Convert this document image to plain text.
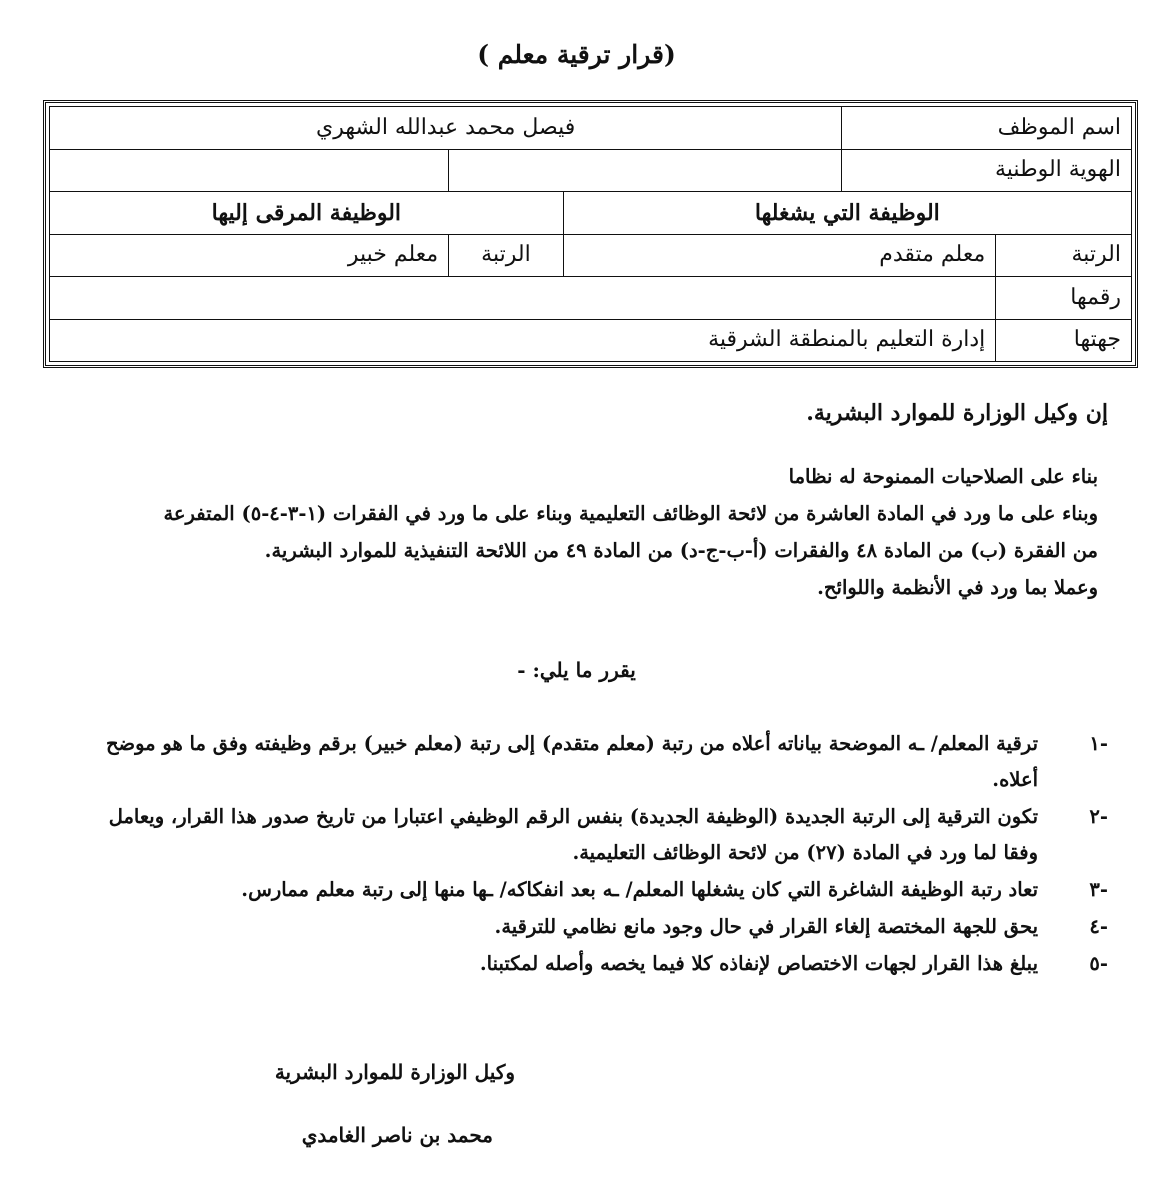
(قرار ترقية معلم )
اسم الموظف		فيصل محمد عبدالله الشهري		
الهوية الوطنية				
الوظيفة التي يشغلها			الوظيفة المرقى إليها	
الرتبة	معلم متقدم		الرتبة	معلم خبير
رقمها				
جهتها	إدارة التعليم بالمنطقة الشرقية			
إن وكيل الوزارة للموارد البشرية.

بناء على الصلاحيات الممنوحة له نظاما

وبناء على ما ورد في المادة العاشرة من لائحة الوظائف التعليمية وبناء على ما ورد في الفقرات (١-٣-٤-٥) المتفرعة

من الفقرة (ب) من المادة ٤٨ والفقرات (أ-ب-ج-د) من المادة ٤٩ من اللائحة التنفيذية للموارد البشرية.

وعملا بما ورد في الأنظمة واللوائح.

يقرر ما يلي: -
-١
ترقية المعلم/ ـه الموضحة بياناته أعلاه من رتبة (معلم متقدم) إلى رتبة (معلم خبير) برقم وظيفته وفق ما هو موضح أعلاه.
-٢
تكون الترقية إلى الرتبة الجديدة (الوظيفة الجديدة) بنفس الرقم الوظيفي اعتبارا من تاريخ صدور هذا القرار، ويعامل وفقا لما ورد في المادة (٢٧) من لائحة الوظائف التعليمية.
-٣
تعاد رتبة الوظيفة الشاغرة التي كان يشغلها المعلم/ ـه بعد انفكاكه/ ـها منها إلى رتبة معلم ممارس.
-٤
يحق للجهة المختصة إلغاء القرار في حال وجود مانع نظامي للترقية.
-٥
يبلغ هذا القرار لجهات الاختصاص لإنفاذه كلا فيما يخصه وأصله لمكتبنا.
وكيل الوزارة للموارد البشرية
محمد بن ناصر الغامدي
